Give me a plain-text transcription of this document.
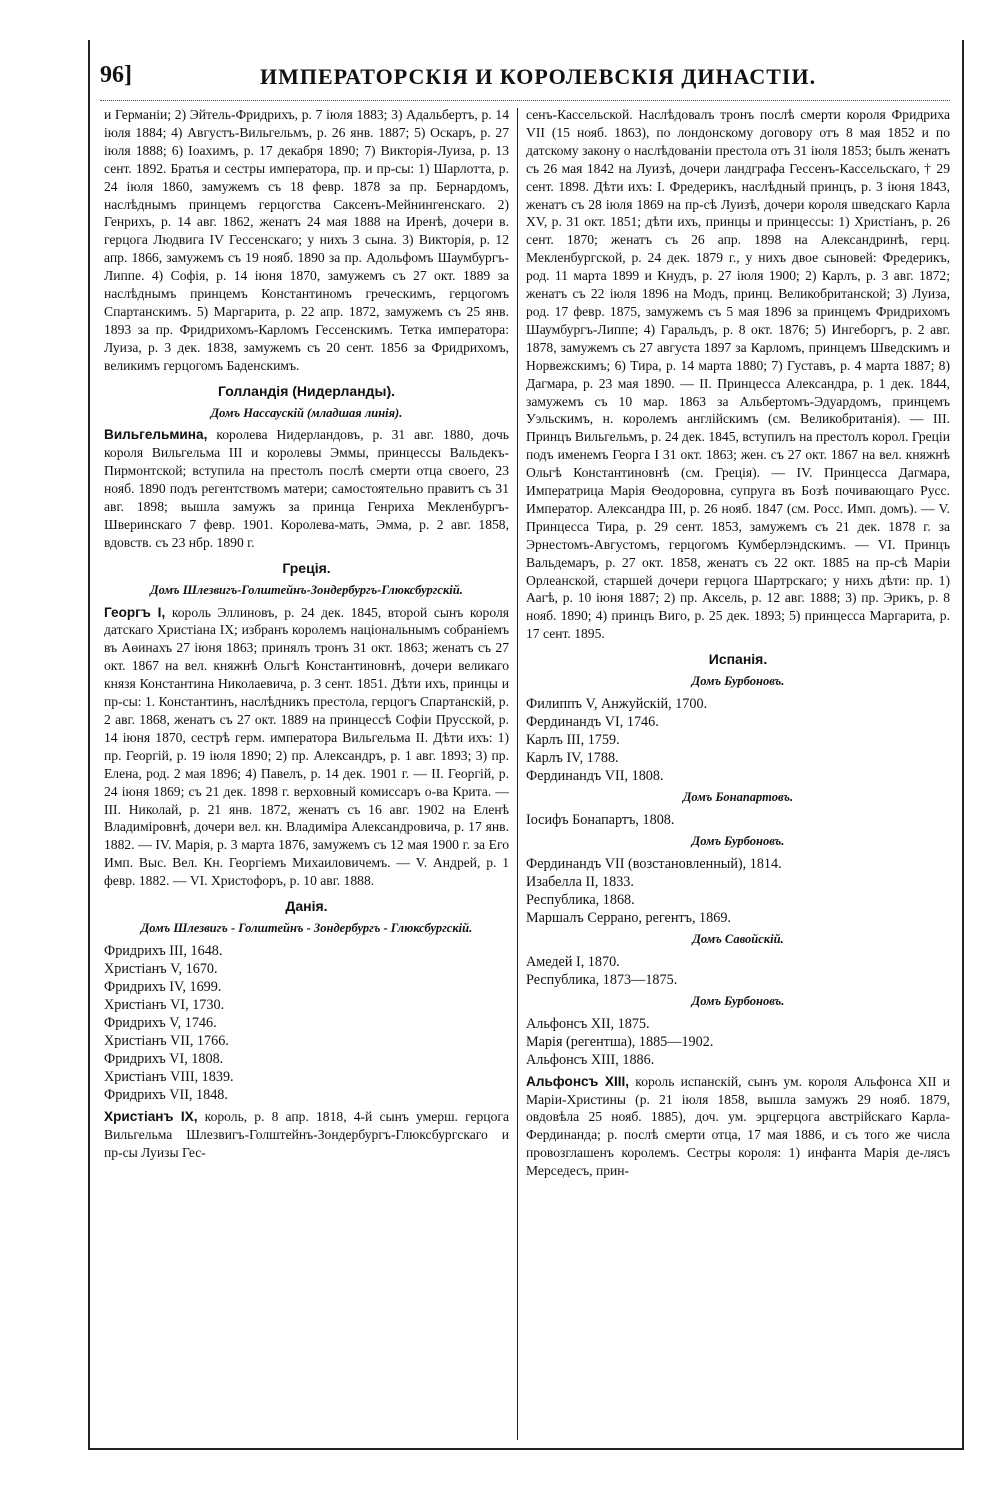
96]	ИМПЕРАТОРСКІЯ И КОРОЛЕВСКІЯ ДИНАСТІИ.

и Германіи; 2) Эйтель-Фридрихъ, р. 7 іюля 1883; 3) Адальбертъ, р. 14 іюля 1884; 4) Августъ-Вильгельмъ, р. 26 янв. 1887; 5) Оскаръ, р. 27 іюля 1888; 6) Іоахимъ, р. 17 декабря 1890; 7) Викторія-Луиза, р. 13 сент. 1892. Братья и сестры императора, пр. и пр-сы: 1) Шарлотта, р. 24 іюля 1860, замужемъ съ 18 февр. 1878 за пр. Бернардомъ, наслѣднымъ принцемъ герцогства Саксенъ-Мейнингенскаго. 2) Генрихъ, р. 14 авг. 1862, женатъ 24 мая 1888 на Иренѣ, дочери в. герцога Людвига IV Гессенскаго; у нихъ 3 сына. 3) Викторія, р. 12 апр. 1866, замужемъ съ 19 нояб. 1890 за пр. Адольфомъ Шаумбургъ-Липпе. 4) Софія, р. 14 іюня 1870, замужемъ съ 27 окт. 1889 за наслѣднымъ принцемъ Константиномъ греческимъ, герцогомъ Спартанскимъ. 5) Маргарита, р. 22 апр. 1872, замужемъ съ 25 янв. 1893 за пр. Фридрихомъ-Карломъ Гессенскимъ. Тетка императора: Луиза, р. 3 дек. 1838, замужемъ съ 20 сент. 1856 за Фридрихомъ, великимъ герцогомъ Баденскимъ.

Голландія (Нидерланды).
Домъ Нассаускій (младшая линія).

Вильгельмина, королева Нидерландовъ, р. 31 авг. 1880, дочь короля Вильгельма III и королевы Эммы, принцессы Вальдекъ-Пирмонтской; вступила на престолъ послѣ смерти отца своего, 23 нояб. 1890 подъ регентствомъ матери; самостоятельно правитъ съ 31 авг. 1898; вышла замужъ за принца Генриха Мекленбургъ-Шверинскаго 7 февр. 1901. Королева-мать, Эмма, р. 2 авг. 1858, вдовств. съ 23 нбр. 1890 г.

Греція.
Домъ Шлезвигъ-Голштейнъ-Зондербургъ-Глюксбургскій.

Георгъ I, король Эллиновъ, р. 24 дек. 1845, второй сынъ короля датскаго Христіана IX; избранъ королемъ національнымъ собраніемъ въ Аѳинахъ 27 іюня 1863; принялъ тронъ 31 окт. 1863; женатъ съ 27 окт. 1867 на вел. княжнѣ Ольгѣ Константиновнѣ, дочери великаго князя Константина Николаевича, р. 3 сент. 1851. Дѣти ихъ, принцы и пр-сы: 1. Константинъ, наслѣдникъ престола, герцогъ Спартанскій, р. 2 авг. 1868, женатъ съ 27 окт. 1889 на принцессѣ Софіи Прусской, р. 14 іюня 1870, сестрѣ герм. императора Вильгельма II. Дѣти ихъ: 1) пр. Георгій, р. 19 іюля 1890; 2) пр. Александръ, р. 1 авг. 1893; 3) пр. Елена, род. 2 мая 1896; 4) Павелъ, р. 14 дек. 1901 г. — II. Георгій, р. 24 іюня 1869; съ 21 дек. 1898 г. верховный комиссаръ о-ва Крита. — III. Николай, р. 21 янв. 1872, женатъ съ 16 авг. 1902 на Еленѣ Владиміровнѣ, дочери вел. кн. Владиміра Александровича, р. 17 янв. 1882. — IV. Марія, р. 3 марта 1876, замужемъ съ 12 мая 1900 г. за Его Имп. Выс. Вел. Кн. Георгіемъ Михаиловичемъ. — V. Андрей, р. 1 февр. 1882. — VI. Христофоръ, р. 10 авг. 1888.

Данія.
Домъ Шлезвигъ - Голштейнъ - Зондербургъ - Глюксбургскій.
Фридрихъ III, 1648.
Христіанъ V, 1670.
Фридрихъ IV, 1699.
Христіанъ VI, 1730.
Фридрихъ V, 1746.
Христіанъ VII, 1766.
Фридрихъ VI, 1808.
Христіанъ VIII, 1839.
Фридрихъ VII, 1848.

Христіанъ IX, король, р. 8 апр. 1818, 4-й сынъ умерш. герцога Вильгельма Шлезвигъ-Голштейнъ-Зондербургъ-Глюксбургскаго и пр-сы Луизы Гес-

сенъ-Кассельской. Наслѣдовалъ тронъ послѣ смерти короля Фридриха VII (15 нояб. 1863), по лондонскому договору отъ 8 мая 1852 и по датскому закону о наслѣдованіи престола отъ 31 іюля 1853; былъ женатъ съ 26 мая 1842 на Луизѣ, дочери ландграфа Гессенъ-Кассельскаго, † 29 сент. 1898. Дѣти ихъ: I. Фредерикъ, наслѣдный принцъ, р. 3 іюня 1843, женатъ съ 28 іюля 1869 на пр-сѣ Луизѣ, дочери короля шведскаго Карла XV, р. 31 окт. 1851; дѣти ихъ, принцы и принцессы: 1) Христіанъ, р. 26 сент. 1870; женатъ съ 26 апр. 1898 на Александринѣ, герц. Мекленбургской, р. 24 дек. 1879 г., у нихъ двое сыновей: Фредерикъ, род. 11 марта 1899 и Кнудъ, р. 27 іюля 1900; 2) Карлъ, р. 3 авг. 1872; женатъ съ 22 іюля 1896 на Модъ, принц. Великобританской; 3) Луиза, род. 17 февр. 1875, замужемъ съ 5 мая 1896 за принцемъ Фридрихомъ Шаумбургъ-Липпе; 4) Гаральдъ, р. 8 окт. 1876; 5) Ингеборгъ, р. 2 авг. 1878, замужемъ съ 27 августа 1897 за Карломъ, принцемъ Шведскимъ и Норвежскимъ; 6) Тира, р. 14 марта 1880; 7) Густавъ, р. 4 марта 1887; 8) Дагмара, р. 23 мая 1890. — II. Принцесса Александра, р. 1 дек. 1844, замужемъ съ 10 мар. 1863 за Альбертомъ-Эдуардомъ, принцемъ Уэльскимъ, н. королемъ англійскимъ (см. Великобританія). — III. Принцъ Вильгельмъ, р. 24 дек. 1845, вступилъ на престолъ корол. Греціи подъ именемъ Георга I 31 окт. 1863; жен. съ 27 окт. 1867 на вел. княжнѣ Ольгѣ Константиновнѣ (см. Греція). — IV. Принцесса Дагмара, Императрица Марія Ѳеодоровна, супруга въ Бозѣ почивающаго Русс. Император. Александра III, р. 26 нояб. 1847 (см. Росс. Имп. домъ). — V. Принцесса Тира, р. 29 сент. 1853, замужемъ съ 21 дек. 1878 г. за Эрнестомъ-Августомъ, герцогомъ Кумберлэндскимъ. — VI. Принцъ Вальдемаръ, р. 27 окт. 1858, женатъ съ 22 окт. 1885 на пр-сѣ Маріи Орлеанской, старшей дочери герцога Шартрскаго; у нихъ дѣти: пр. 1) Аагѣ, р. 10 іюня 1887; 2) пр. Аксель, р. 12 авг. 1888; 3) пр. Эрикъ, р. 8 нояб. 1890; 4) принцъ Виго, р. 25 дек. 1893; 5) принцесса Маргарита, р. 17 сент. 1895.

Испанія.
Домъ Бурбоновъ.
Филиппъ V, Анжуйскій, 1700.
Фердинандъ VI, 1746.
Карлъ III, 1759.
Карлъ IV, 1788.
Фердинандъ VII, 1808.
Домъ Бонапартовъ.
Іосифъ Бонапартъ, 1808.
Домъ Бурбоновъ.
Фердинандъ VII (возстановленный), 1814.
Изабелла II, 1833.
Республика, 1868.
Маршалъ Серрано, регентъ, 1869.
Домъ Савойскій.
Амедей I, 1870.
Республика, 1873—1875.
Домъ Бурбоновъ.
Альфонсъ XII, 1875.
Марія (регентша), 1885—1902.
Альфонсъ XIII, 1886.

Альфонсъ XIII, король испанскій, сынъ ум. короля Альфонса XII и Маріи-Христины (р. 21 іюля 1858, вышла замужъ 29 нояб. 1879, овдовѣла 25 нояб. 1885), доч. ум. эрцгерцога австрійскаго Карла-Фердинанда; р. послѣ смерти отца, 17 мая 1886, и съ того же числа провозглашенъ королемъ. Сестры короля: 1) инфанта Марія де-лясъ Мерседесъ, прин-
